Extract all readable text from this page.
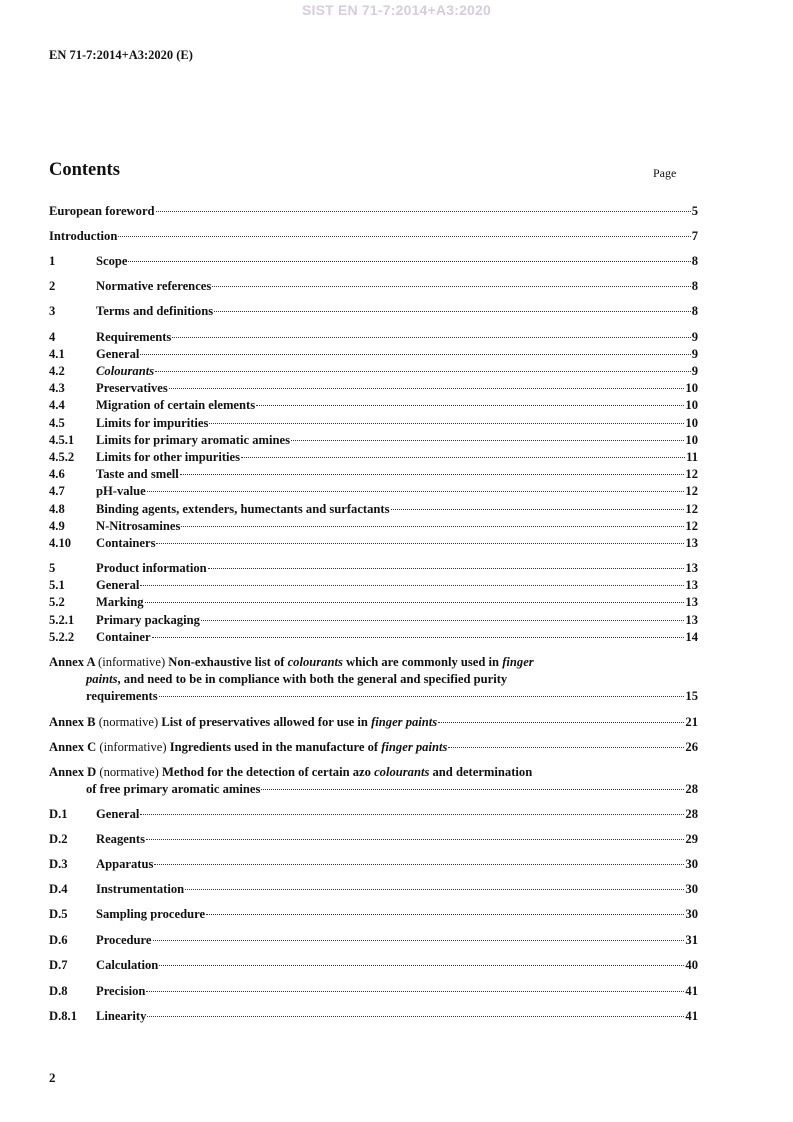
SIST EN 71-7:2014+A3:2020
EN 71-7:2014+A3:2020 (E)
Contents	Page
Annex A (informative) Non-exhaustive list of colourants which are commonly used in finger
paints, and need to be in compliance with both the general and specified purity
requirements	15
Annex B (normative) List of preservatives allowed for use in finger paints	21
Annex C (informative) Ingredients used in the manufacture of finger paints	26
Annex D (normative) Method for the detection of certain azo colourants and determination
of free primary aromatic amines	28
European foreword	5
Introduction	7
1	Scope	8
2	Normative references	8
3	Terms and definitions	8
4	Requirements	9
4.1	General	9
4.2	Colourants	9
4.3	Preservatives	10
4.4	Migration of certain elements	10
4.5	Limits for impurities	10
4.5.1	Limits for primary aromatic amines	10
4.5.2	Limits for other impurities	11
4.6	Taste and smell	12
4.7	pH-value	12
4.8	Binding agents, extenders, humectants and surfactants	12
4.9	N-Nitrosamines	12
4.10	Containers	13
5	Product information	13
5.1	General	13
5.2	Marking	13
5.2.1	Primary packaging	13
5.2.2	Container	14
D.1	General	28
D.2	Reagents	29
D.3	Apparatus	30
D.4	Instrumentation	30
D.5	Sampling procedure	30
D.6	Procedure	31
D.7	Calculation	40
D.8	Precision	41
D.8.1	Linearity	41
2
